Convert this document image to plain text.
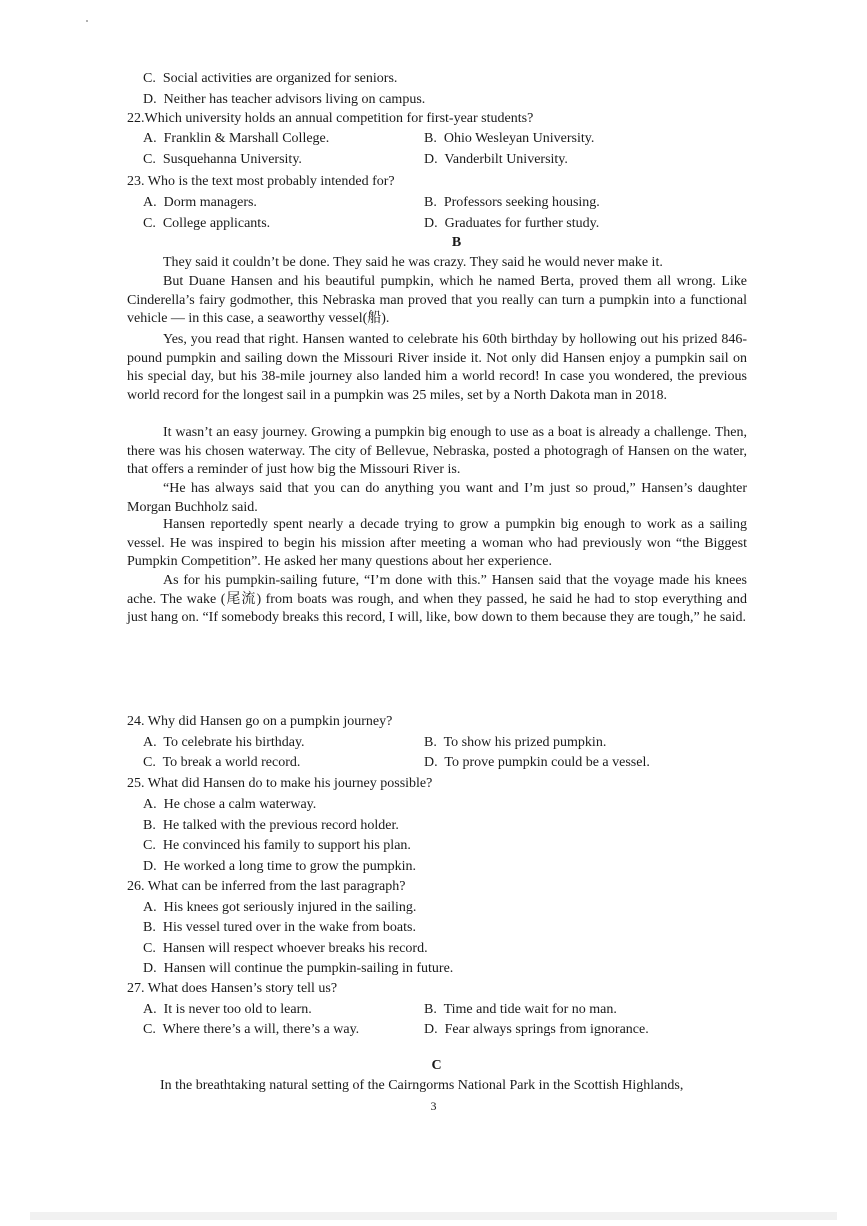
C. Social activities are organized for seniors.
D. Neither has teacher advisors living on campus.
22.Which university holds an annual competition for first-year students?
A. Franklin & Marshall College.	B. Ohio Wesleyan University.
C. Susquehanna University.	D. Vanderbilt University.
23. Who is the text most probably intended for?
A. Dorm managers.	B. Professors seeking housing.
C. College applicants.	D. Graduates for further study.
B
They said it couldn’t be done. They said he was crazy. They said he would never make it.
But Duane Hansen and his beautiful pumpkin, which he named Berta, proved them all wrong. Like Cinderella’s fairy godmother, this Nebraska man proved that you really can turn a pumpkin into a functional vehicle — in this case, a seaworthy vessel(船).
Yes, you read that right. Hansen wanted to celebrate his 60th birthday by hollowing out his prized 846-pound pumpkin and sailing down the Missouri River inside it. Not only did Hansen enjoy a pumpkin sail on his special day, but his 38-mile journey also landed him a world record! In case you wondered, the previous world record for the longest sail in a pumpkin was 25 miles, set by a North Dakota man in 2018.
It wasn’t an easy journey. Growing a pumpkin big enough to use as a boat is already a challenge. Then, there was his chosen waterway. The city of Bellevue, Nebraska, posted a photogragh of Hansen on the water, that offers a reminder of just how big the Missouri River is.
“He has always said that you can do anything you want and I’m just so proud,” Hansen’s daughter Morgan Buchholz said.
Hansen reportedly spent nearly a decade trying to grow a pumpkin big enough to work as a sailing vessel. He was inspired to begin his mission after meeting a woman who had previously won “the Biggest Pumpkin Competition”. He asked her many questions about her experience.
As for his pumpkin-sailing future, “I’m done with this.” Hansen said that the voyage made his knees ache. The wake (尾流) from boats was rough, and when they passed, he said he had to stop everything and just hang on. “If somebody breaks this record, I will, like, bow down to them because they are tough,” he said.
24. Why did Hansen go on a pumpkin journey?
A. To celebrate his birthday.	B. To show his prized pumpkin.
C. To break a world record.	D. To prove pumpkin could be a vessel.
25. What did Hansen do to make his journey possible?
A. He chose a calm waterway.
B. He talked with the previous record holder.
C. He convinced his family to support his plan.
D. He worked a long time to grow the pumpkin.
26. What can be inferred from the last paragraph?
A. His knees got seriously injured in the sailing.
B. His vessel tured over in the wake from boats.
C. Hansen will respect whoever breaks his record.
D. Hansen will continue the pumpkin-sailing in future.
27. What does Hansen’s story tell us?
A. It is never too old to learn.	B. Time and tide wait for no man.
C. Where there’s a will, there’s a way.	D. Fear always springs from ignorance.
C
In the breathtaking natural setting of the Cairngorms National Park in the Scottish Highlands,
3
